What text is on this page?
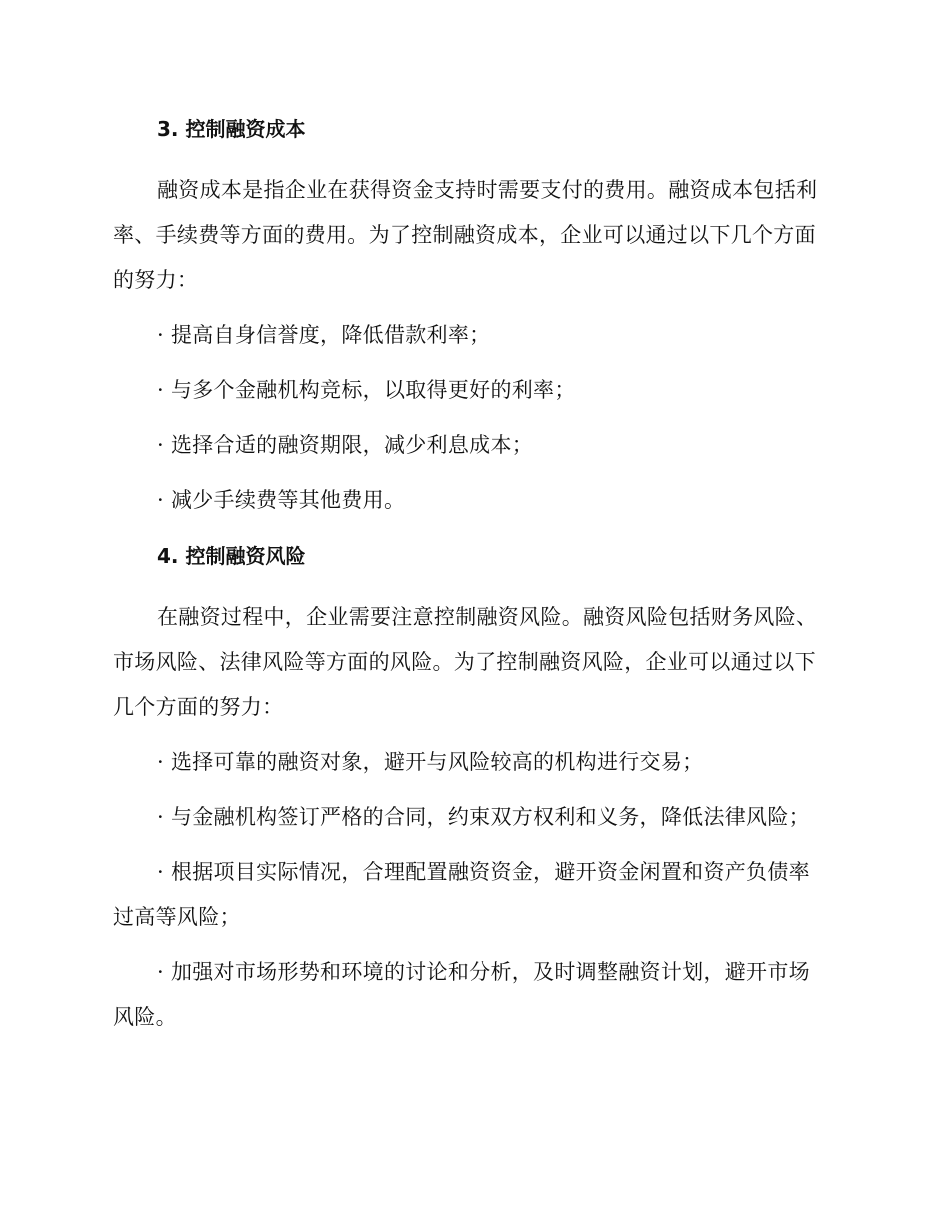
3. 控制融资成本

融资成本是指企业在获得资金支持时需要支付的费用。融资成本包括利率、手续费等方面的费用。为了控制融资成本，企业可以通过以下几个方面的努力：

· 提高自身信誉度，降低借款利率；

· 与多个金融机构竞标，以取得更好的利率；

· 选择合适的融资期限，减少利息成本；

· 减少手续费等其他费用。

4. 控制融资风险

在融资过程中，企业需要注意控制融资风险。融资风险包括财务风险、市场风险、法律风险等方面的风险。为了控制融资风险，企业可以通过以下几个方面的努力：

· 选择可靠的融资对象，避开与风险较高的机构进行交易；

· 与金融机构签订严格的合同，约束双方权利和义务，降低法律风险；

· 根据项目实际情况，合理配置融资资金，避开资金闲置和资产负债率过高等风险；

· 加强对市场形势和环境的讨论和分析，及时调整融资计划，避开市场风险。
